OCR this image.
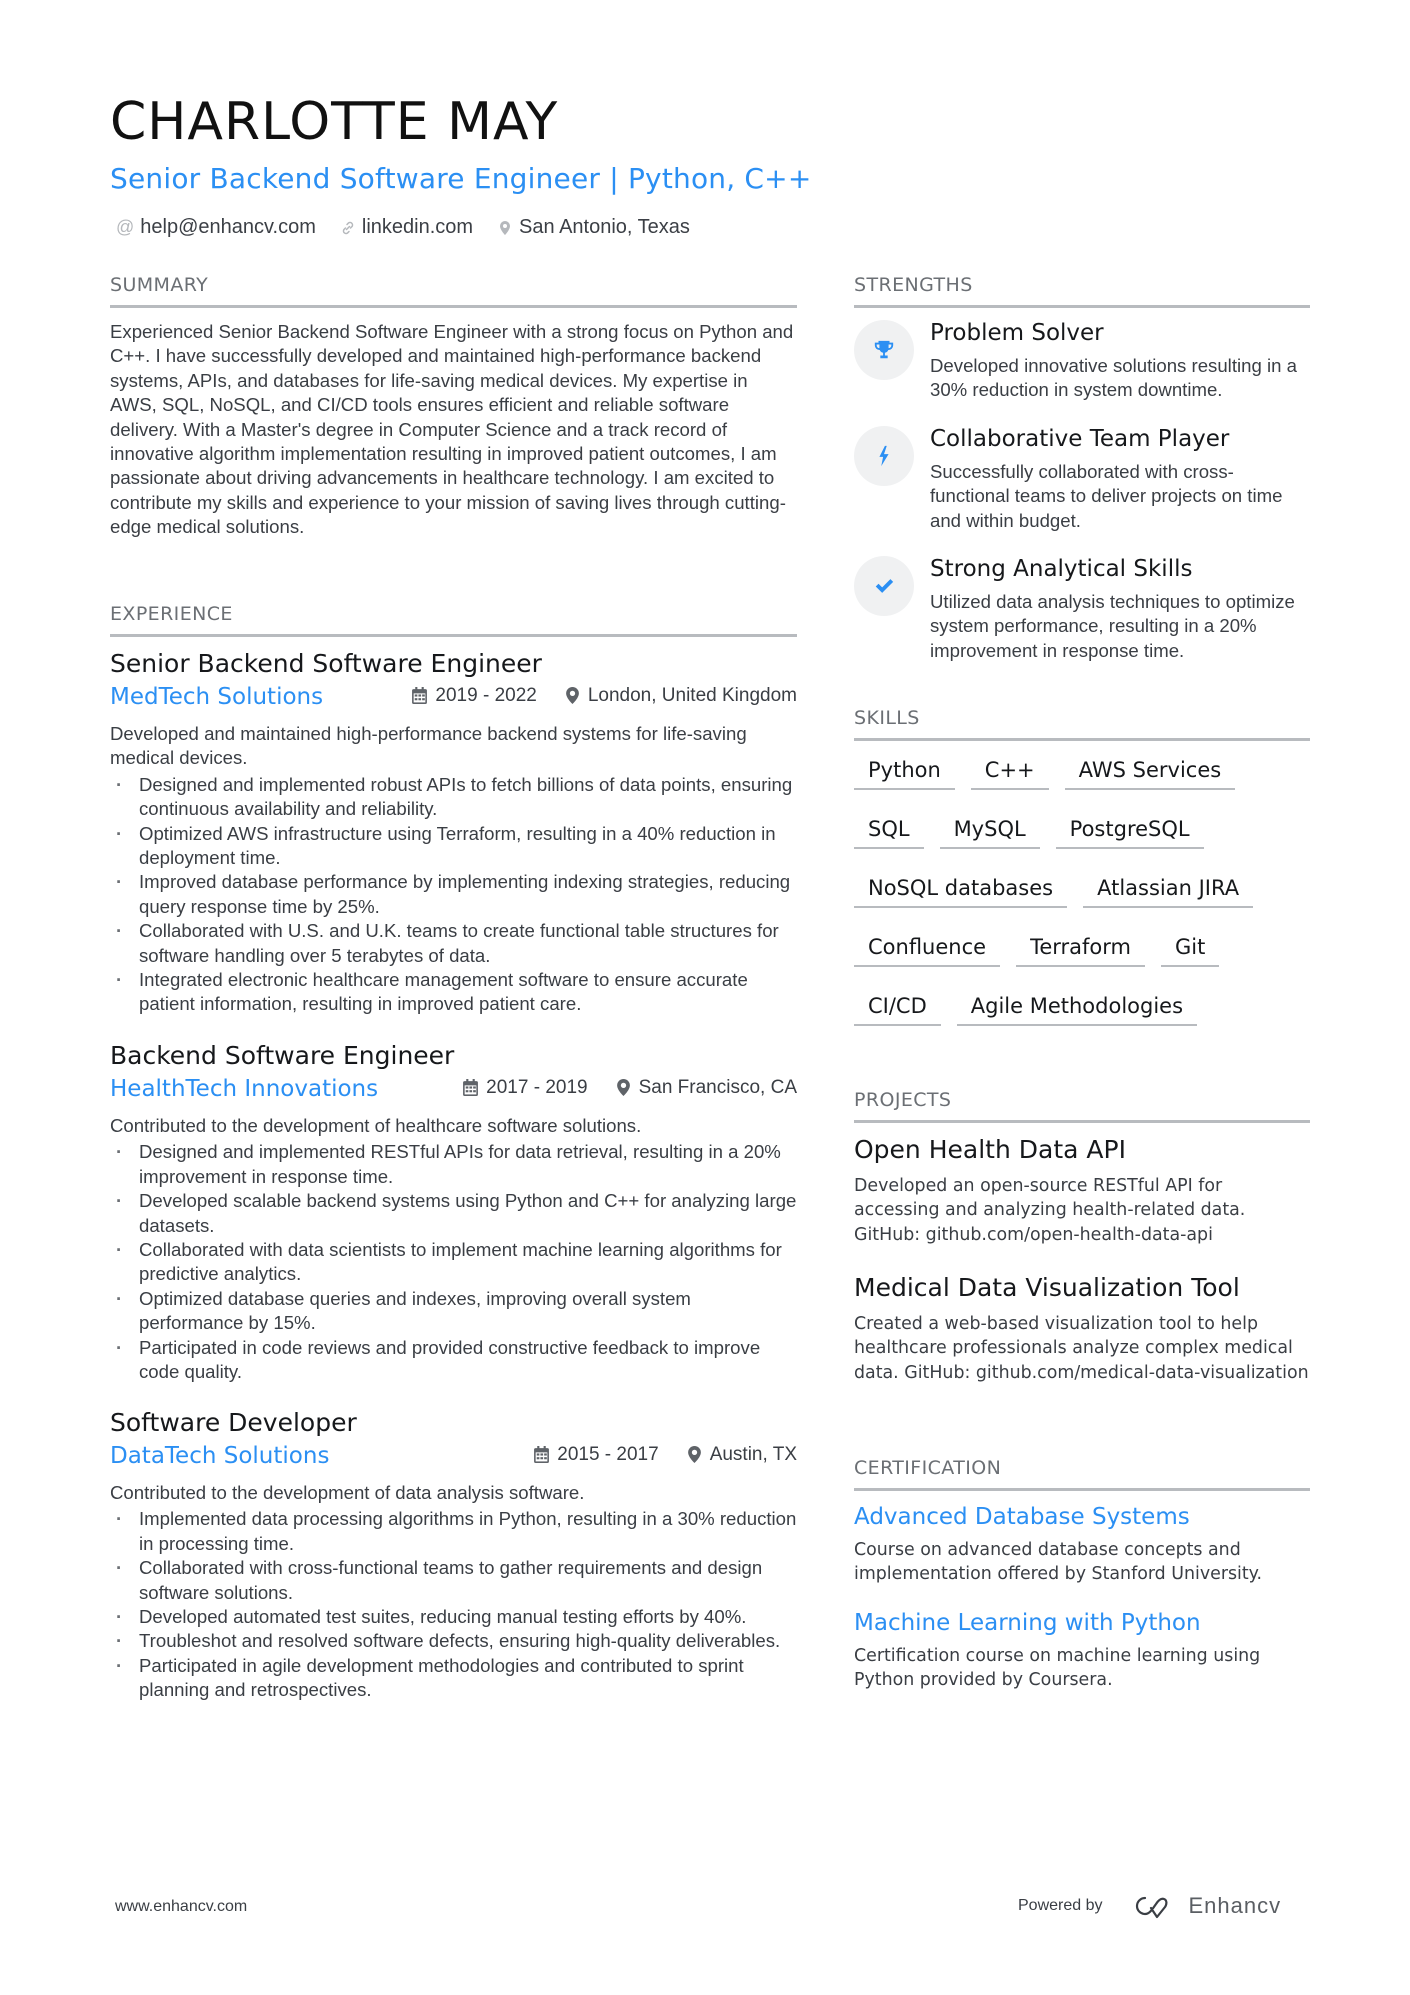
CHARLOTTE MAY
Senior Backend Software Engineer | Python, C++
@ help@enhancv.com linkedin.com San Antonio, Texas
SUMMARY
Experienced Senior Backend Software Engineer with a strong focus on Python and C++. I have successfully developed and maintained high-performance backend systems, APIs, and databases for life-saving medical devices. My expertise in AWS, SQL, NoSQL, and CI/CD tools ensures efficient and reliable software delivery. With a Master's degree in Computer Science and a track record of innovative algorithm implementation resulting in improved patient outcomes, I am passionate about driving advancements in healthcare technology. I am excited to contribute my skills and experience to your mission of saving lives through cutting-edge medical solutions.
EXPERIENCE
Senior Backend Software Engineer
MedTech Solutions	2019 - 2022	London, United Kingdom
Developed and maintained high-performance backend systems for life-saving medical devices.
· Designed and implemented robust APIs to fetch billions of data points, ensuring continuous availability and reliability.
· Optimized AWS infrastructure using Terraform, resulting in a 40% reduction in deployment time.
· Improved database performance by implementing indexing strategies, reducing query response time by 25%.
· Collaborated with U.S. and U.K. teams to create functional table structures for software handling over 5 terabytes of data.
· Integrated electronic healthcare management software to ensure accurate patient information, resulting in improved patient care.
Backend Software Engineer
HealthTech Innovations	2017 - 2019	San Francisco, CA
Contributed to the development of healthcare software solutions.
· Designed and implemented RESTful APIs for data retrieval, resulting in a 20% improvement in response time.
· Developed scalable backend systems using Python and C++ for analyzing large datasets.
· Collaborated with data scientists to implement machine learning algorithms for predictive analytics.
· Optimized database queries and indexes, improving overall system performance by 15%.
· Participated in code reviews and provided constructive feedback to improve code quality.
Software Developer
DataTech Solutions	2015 - 2017	Austin, TX
Contributed to the development of data analysis software.
· Implemented data processing algorithms in Python, resulting in a 30% reduction in processing time.
· Collaborated with cross-functional teams to gather requirements and design software solutions.
· Developed automated test suites, reducing manual testing efforts by 40%.
· Troubleshot and resolved software defects, ensuring high-quality deliverables.
· Participated in agile development methodologies and contributed to sprint planning and retrospectives.
STRENGTHS
Problem Solver
Developed innovative solutions resulting in a 30% reduction in system downtime.
Collaborative Team Player
Successfully collaborated with cross-functional teams to deliver projects on time and within budget.
Strong Analytical Skills
Utilized data analysis techniques to optimize system performance, resulting in a 20% improvement in response time.
SKILLS
Python	C++	AWS Services
SQL	MySQL	PostgreSQL
NoSQL databases	Atlassian JIRA
Confluence	Terraform	Git
CI/CD	Agile Methodologies
PROJECTS
Open Health Data API
Developed an open-source RESTful API for accessing and analyzing health-related data. GitHub: github.com/open-health-data-api
Medical Data Visualization Tool
Created a web-based visualization tool to help healthcare professionals analyze complex medical data. GitHub: github.com/medical-data-visualization
CERTIFICATION
Advanced Database Systems
Course on advanced database concepts and implementation offered by Stanford University.
Machine Learning with Python
Certification course on machine learning using Python provided by Coursera.
www.enhancv.com	Powered by	Enhancv
